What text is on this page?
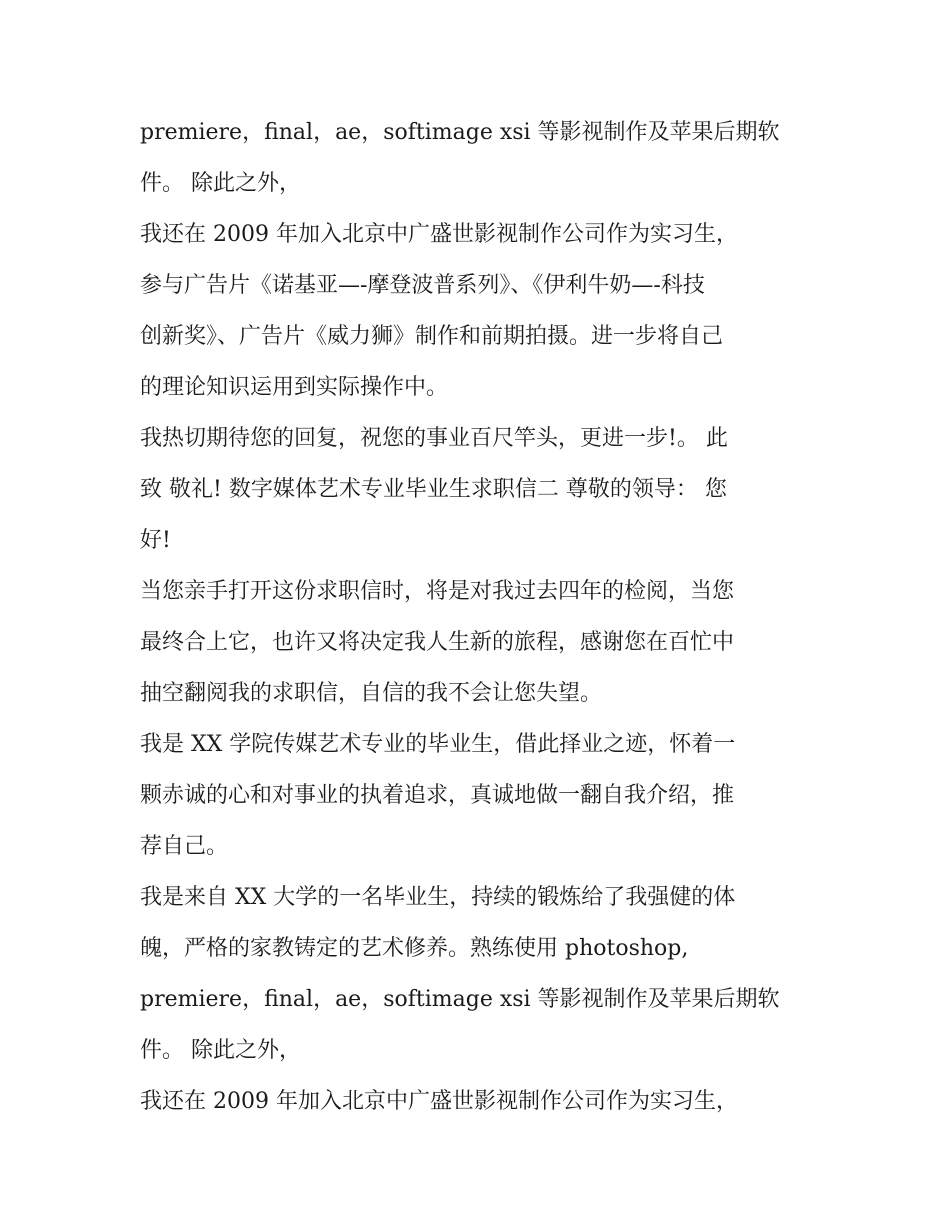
premiere，final，ae，softimage xsi 等影视制作及苹果后期软
件。 除此之外，
我还在 2009 年加入北京中广盛世影视制作公司作为实习生，
参与广告片《诺基亚—-摩登波普系列》、《伊利牛奶—-科技
创新奖》、广告片《威力狮》制作和前期拍摄。进一步将自己
的理论知识运用到实际操作中。
我热切期待您的回复，祝您的事业百尺竿头，更进一步!。 此
致 敬礼! 数字媒体艺术专业毕业生求职信二 尊敬的领导： 您
好!
当您亲手打开这份求职信时，将是对我过去四年的检阅，当您
最终合上它，也许又将决定我人生新的旅程，感谢您在百忙中
抽空翻阅我的求职信，自信的我不会让您失望。
我是 XX 学院传媒艺术专业的毕业生，借此择业之迹，怀着一
颗赤诚的心和对事业的执着追求，真诚地做一翻自我介绍，推
荐自己。
我是来自 XX 大学的一名毕业生，持续的锻炼给了我强健的体
魄，严格的家教铸定的艺术修养。熟练使用 photoshop,
premiere，final，ae，softimage xsi 等影视制作及苹果后期软
件。 除此之外，
我还在 2009 年加入北京中广盛世影视制作公司作为实习生，
